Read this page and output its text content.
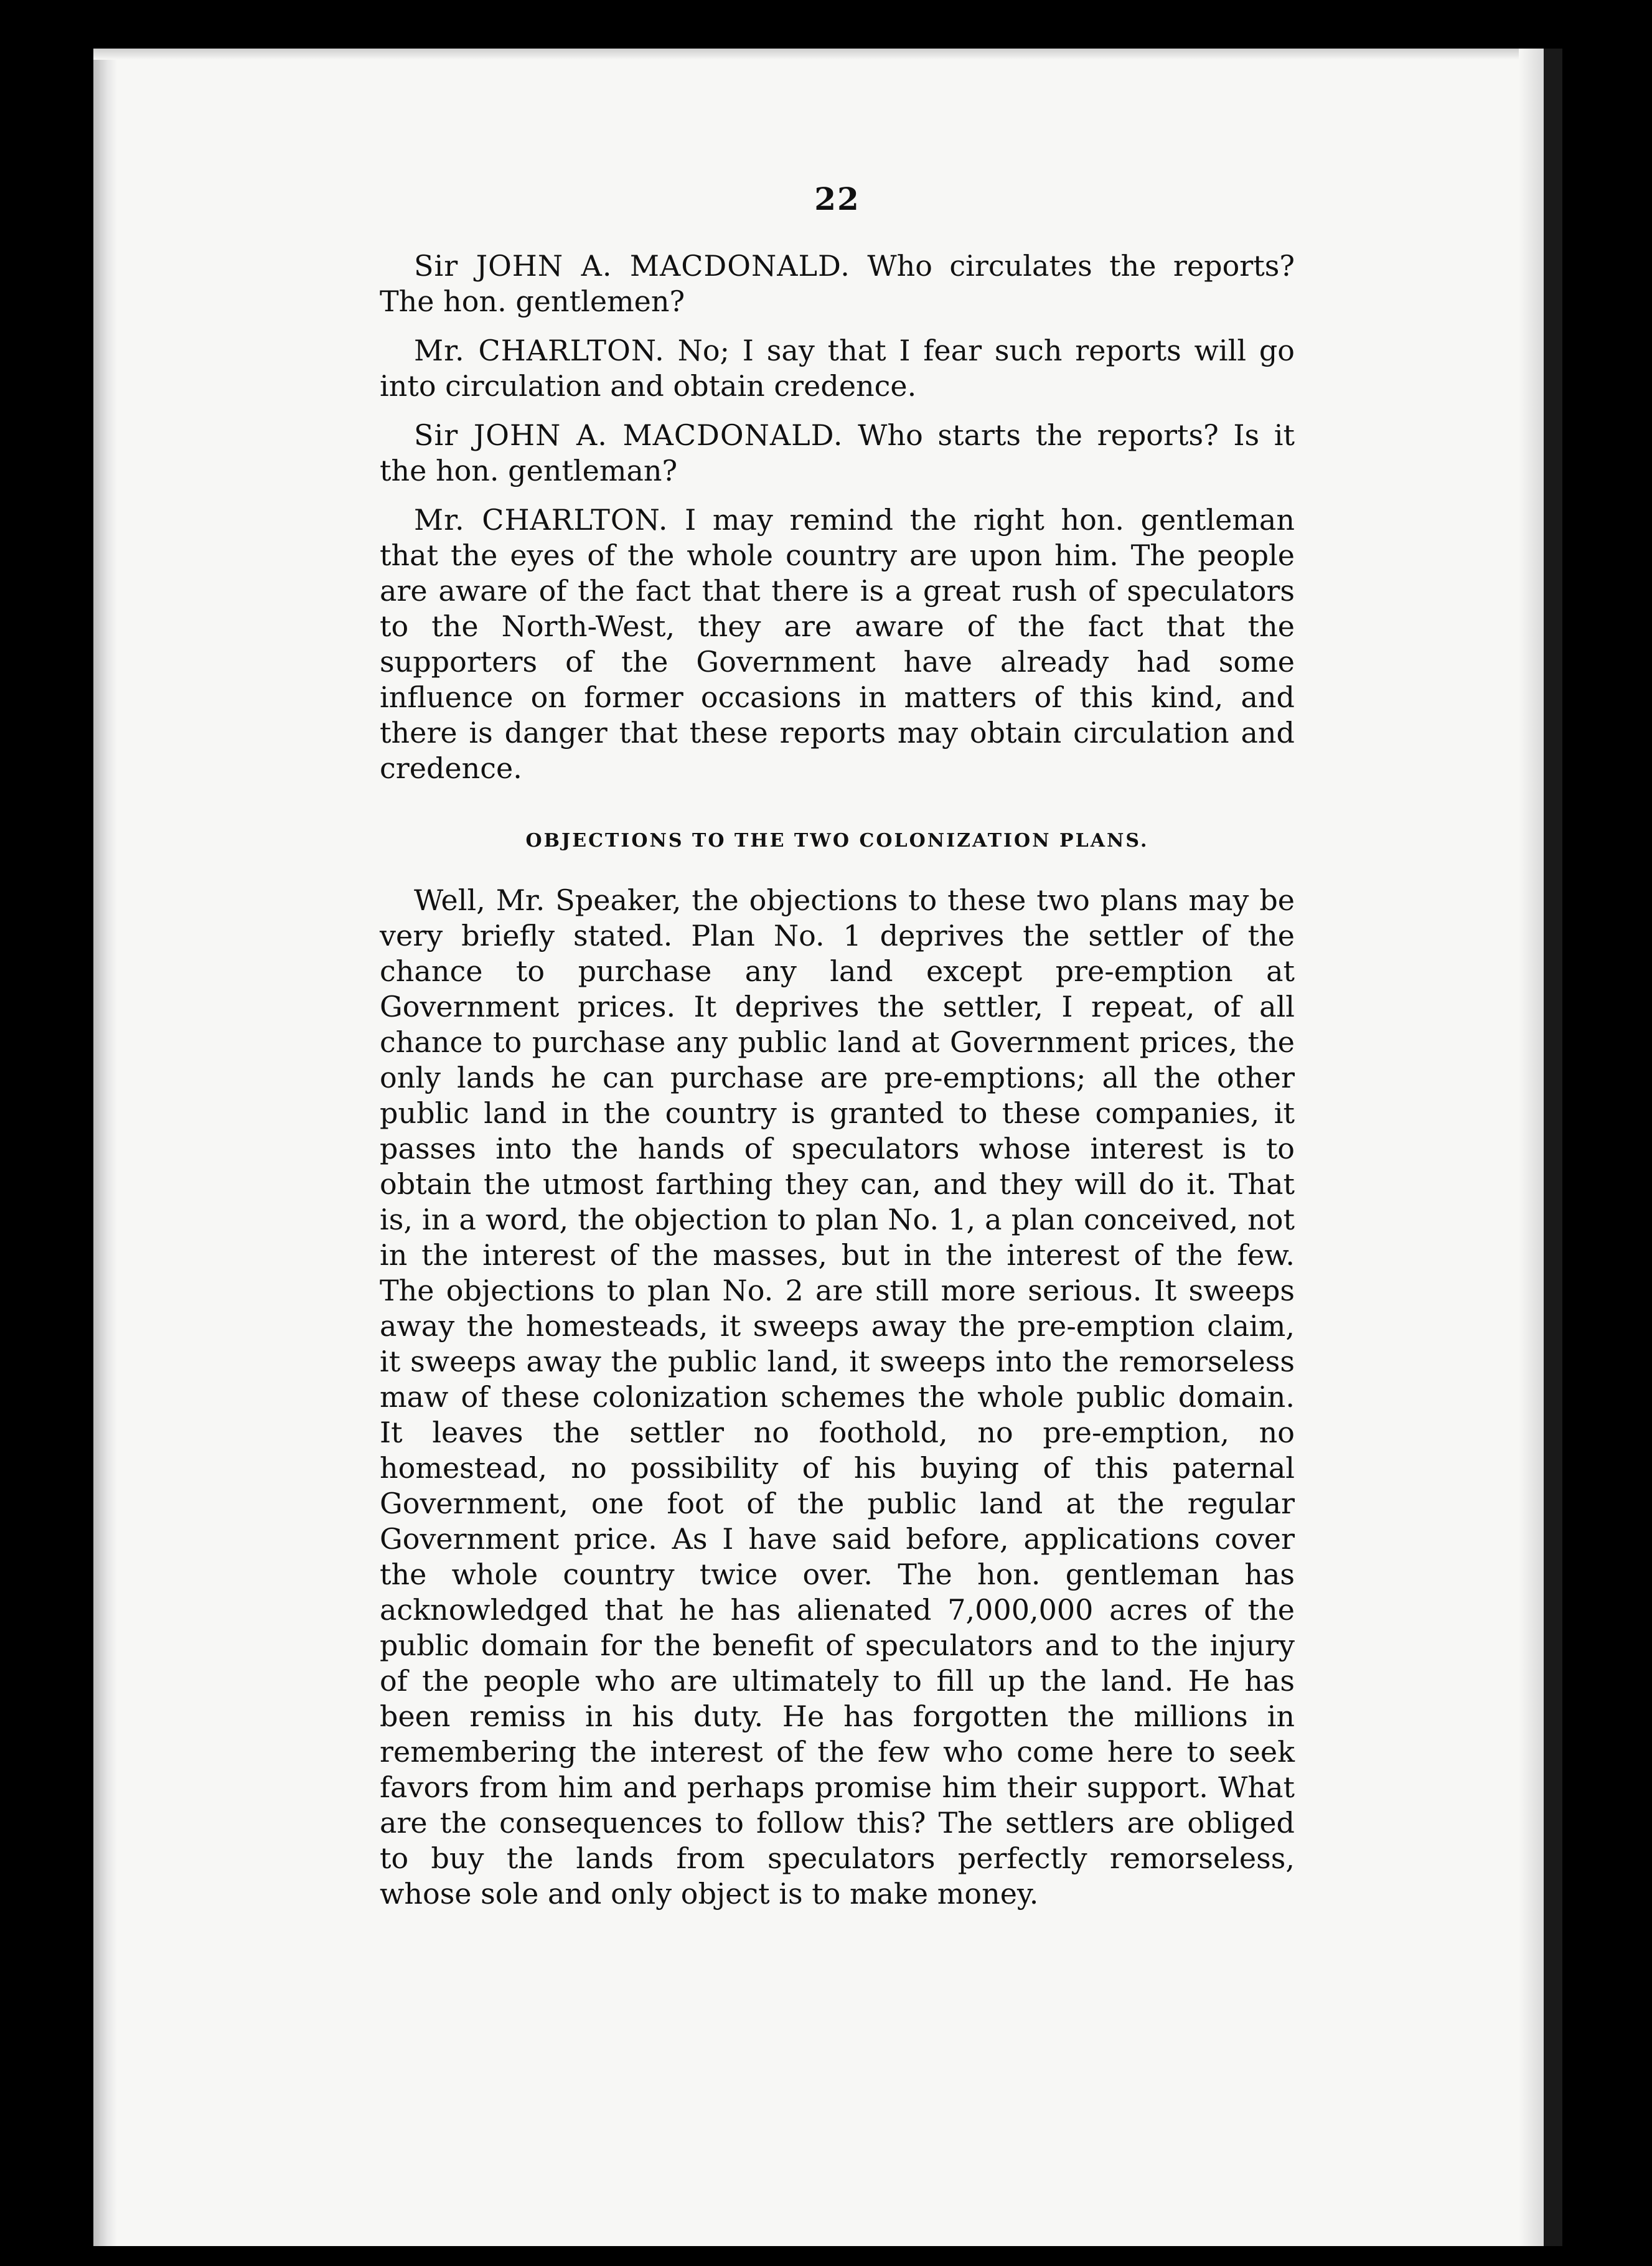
22

Sir JOHN A. MACDONALD. Who circulates the reports? The hon. gentlemen?

Mr. CHARLTON. No; I say that I fear such reports will go into circulation and obtain credence.

Sir JOHN A. MACDONALD. Who starts the reports? Is it the hon. gentleman?

Mr. CHARLTON. I may remind the right hon. gentleman that the eyes of the whole country are upon him. The people are aware of the fact that there is a great rush of speculators to the North-West, they are aware of the fact that the supporters of the Government have already had some influence on former occasions in matters of this kind, and there is danger that these reports may obtain circulation and credence.

OBJECTIONS TO THE TWO COLONIZATION PLANS.

Well, Mr. Speaker, the objections to these two plans may be very briefly stated. Plan No. 1 deprives the settler of the chance to purchase any land except pre-emption at Government prices. It deprives the settler, I repeat, of all chance to purchase any public land at Government prices, the only lands he can purchase are pre-emptions; all the other public land in the country is granted to these companies, it passes into the hands of speculators whose interest is to obtain the utmost farthing they can, and they will do it. That is, in a word, the objection to plan No. 1, a plan conceived, not in the interest of the masses, but in the interest of the few. The objections to plan No. 2 are still more serious. It sweeps away the homesteads, it sweeps away the pre-emption claim, it sweeps away the public land, it sweeps into the remorseless maw of these colonization schemes the whole public domain. It leaves the settler no foothold, no pre-emption, no homestead, no possibility of his buying of this paternal Government, one foot of the public land at the regular Government price. As I have said before, applications cover the whole country twice over. The hon. gentleman has acknowledged that he has alienated 7,000,000 acres of the public domain for the benefit of speculators and to the injury of the people who are ultimately to fill up the land. He has been remiss in his duty. He has forgotten the millions in remembering the interest of the few who come here to seek favors from him and perhaps promise him their support. What are the consequences to follow this? The settlers are obliged to buy the lands from speculators perfectly remorseless, whose sole and only object is to make money.
